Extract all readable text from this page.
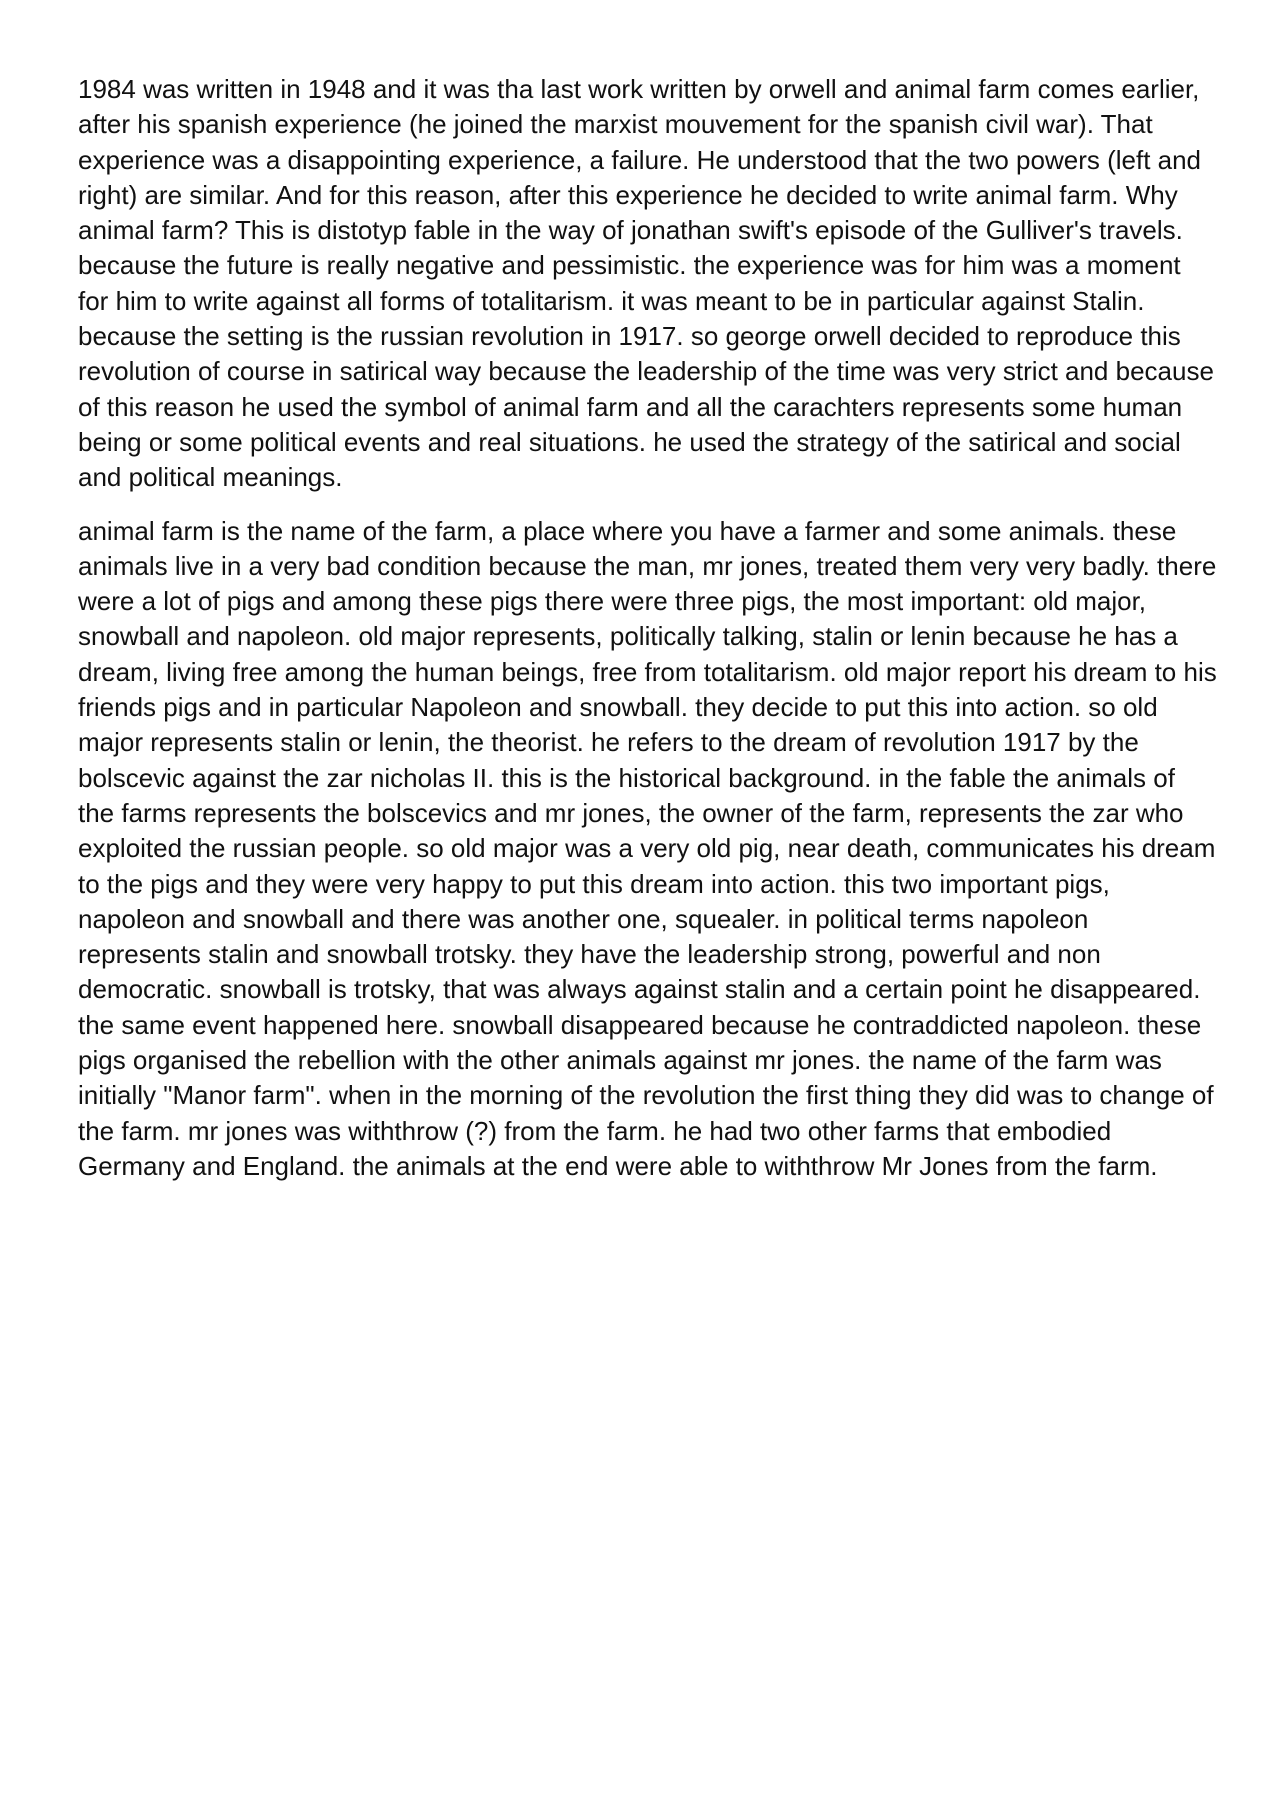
1984 was written in 1948 and it was tha last work written by orwell and animal farm comes earlier, after his spanish experience (he joined the marxist mouvement for the spanish civil war). That experience was a disappointing experience, a failure. He understood that the two powers (left and right) are similar. And for this reason, after this experience he decided to write animal farm. Why animal farm? This is distotyp fable in the way of jonathan swift's episode of the Gulliver's travels. because the future is really negative and pessimistic. the experience was for him was a moment for him to write against all forms of totalitarism. it was meant to be in particular against Stalin. because the setting is the russian revolution in 1917. so george orwell decided to reproduce this revolution of course in satirical way because the leadership of the time was very strict and because of this reason he used the symbol of animal farm and all the carachters represents some human being or some political events and real situations. he used the strategy of the satirical and social and political meanings.

animal farm is the name of the farm, a place where you have a farmer and some animals. these animals live in a very bad condition because the man, mr jones, treated them very very badly. there were a lot of pigs and among these pigs there were three pigs, the most important: old major, snowball and napoleon. old major represents, politically talking, stalin or lenin because he has a dream, living free among the human beings, free from totalitarism. old major report his dream to his friends pigs and in particular Napoleon and snowball. they decide to put this into action. so old major represents stalin or lenin, the theorist. he refers to the dream of revolution 1917 by the bolscevic against the zar nicholas II. this is the historical background. in the fable the animals of the farms represents the bolscevics and mr jones, the owner of the farm, represents the zar who exploited the russian people. so old major was a very old pig, near death, communicates his dream to the pigs and they were very happy to put this dream into action. this two important pigs, napoleon and snowball and there was another one, squealer. in political terms napoleon represents stalin and snowball trotsky. they have the leadership strong, powerful and non democratic. snowball is trotsky, that was always against stalin and a certain point he disappeared. the same event happened here. snowball disappeared because he contraddicted napoleon. these pigs organised the rebellion with the other animals against mr jones. the name of the farm was initially "Manor farm". when in the morning of the revolution the first thing they did was to change of the farm. mr jones was withthrow (?) from the farm. he had two other farms that embodied Germany and England. the animals at the end were able to withthrow Mr Jones from the farm.
